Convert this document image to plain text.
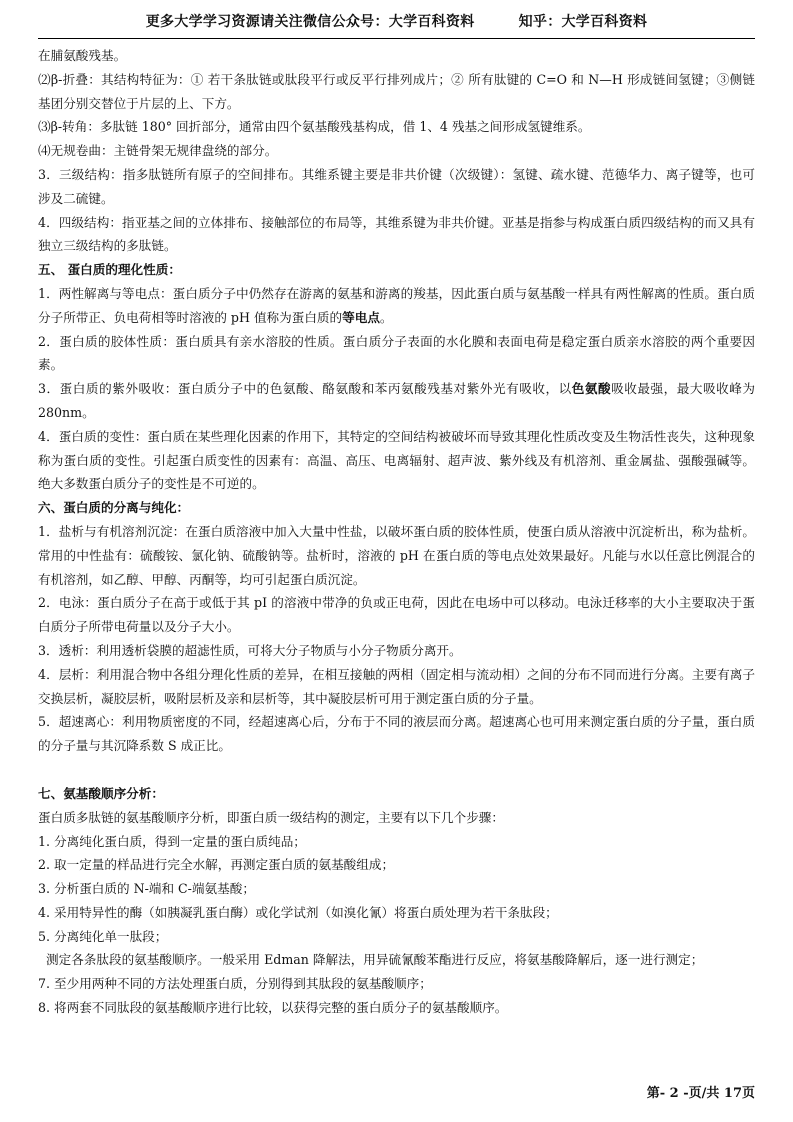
更多大学学习资源请关注微信公众号：大学百科资料	知乎：大学百科资料

在脯氨酸残基。

⑵β-折叠：其结构特征为：① 若干条肽链或肽段平行或反平行排列成片；② 所有肽键的 C=O 和 N—H 形成链间氢键；③侧链基团分别交替位于片层的上、下方。

⑶β-转角：多肽链 180° 回折部分，通常由四个氨基酸残基构成，借 1、4 残基之间形成氢键维系。

⑷无规卷曲：主链骨架无规律盘绕的部分。

3．三级结构：指多肽链所有原子的空间排布。其维系键主要是非共价键（次级键）：氢键、疏水键、范德华力、离子键等，也可涉及二硫键。

4．四级结构：指亚基之间的立体排布、接触部位的布局等，其维系键为非共价键。亚基是指参与构成蛋白质四级结构的而又具有独立三级结构的多肽链。

五、 蛋白质的理化性质：

1．两性解离与等电点：蛋白质分子中仍然存在游离的氨基和游离的羧基，因此蛋白质与氨基酸一样具有两性解离的性质。蛋白质分子所带正、负电荷相等时溶液的 pH 值称为蛋白质的等电点。

2．蛋白质的胶体性质：蛋白质具有亲水溶胶的性质。蛋白质分子表面的水化膜和表面电荷是稳定蛋白质亲水溶胶的两个重要因素。

3．蛋白质的紫外吸收：蛋白质分子中的色氨酸、酪氨酸和苯丙氨酸残基对紫外光有吸收，以色氨酸吸收最强，最大吸收峰为 280nm。

4．蛋白质的变性：蛋白质在某些理化因素的作用下，其特定的空间结构被破坏而导致其理化性质改变及生物活性丧失，这种现象称为蛋白质的变性。引起蛋白质变性的因素有：高温、高压、电离辐射、超声波、紫外线及有机溶剂、重金属盐、强酸强碱等。绝大多数蛋白质分子的变性是不可逆的。

六、蛋白质的分离与纯化：

1．盐析与有机溶剂沉淀：在蛋白质溶液中加入大量中性盐，以破坏蛋白质的胶体性质，使蛋白质从溶液中沉淀析出，称为盐析。常用的中性盐有：硫酸铵、氯化钠、硫酸钠等。盐析时，溶液的 pH 在蛋白质的等电点处效果最好。凡能与水以任意比例混合的有机溶剂，如乙醇、甲醇、丙酮等，均可引起蛋白质沉淀。

2．电泳：蛋白质分子在高于或低于其 pI 的溶液中带净的负或正电荷，因此在电场中可以移动。电泳迁移率的大小主要取决于蛋白质分子所带电荷量以及分子大小。

3．透析：利用透析袋膜的超滤性质，可将大分子物质与小分子物质分离开。

4．层析：利用混合物中各组分理化性质的差异，在相互接触的两相（固定相与流动相）之间的分布不同而进行分离。主要有离子交换层析，凝胶层析，吸附层析及亲和层析等，其中凝胶层析可用于测定蛋白质的分子量。

5．超速离心：利用物质密度的不同，经超速离心后，分布于不同的液层而分离。超速离心也可用来测定蛋白质的分子量，蛋白质的分子量与其沉降系数 S 成正比。

七、氨基酸顺序分析：

蛋白质多肽链的氨基酸顺序分析，即蛋白质一级结构的测定，主要有以下几个步骤：

1. 分离纯化蛋白质，得到一定量的蛋白质纯品；

2. 取一定量的样品进行完全水解，再测定蛋白质的氨基酸组成；

3. 分析蛋白质的 N-端和 C-端氨基酸；

4. 采用特异性的酶（如胰凝乳蛋白酶）或化学试剂（如溴化氰）将蛋白质处理为若干条肽段；

5. 分离纯化单一肽段；

测定各条肽段的氨基酸顺序。一般采用 Edman 降解法，用异硫氰酸苯酯进行反应，将氨基酸降解后，逐一进行测定；

7. 至少用两种不同的方法处理蛋白质，分别得到其肽段的氨基酸顺序；

8. 将两套不同肽段的氨基酸顺序进行比较，以获得完整的蛋白质分子的氨基酸顺序。

第- 2 -页/共 17页
